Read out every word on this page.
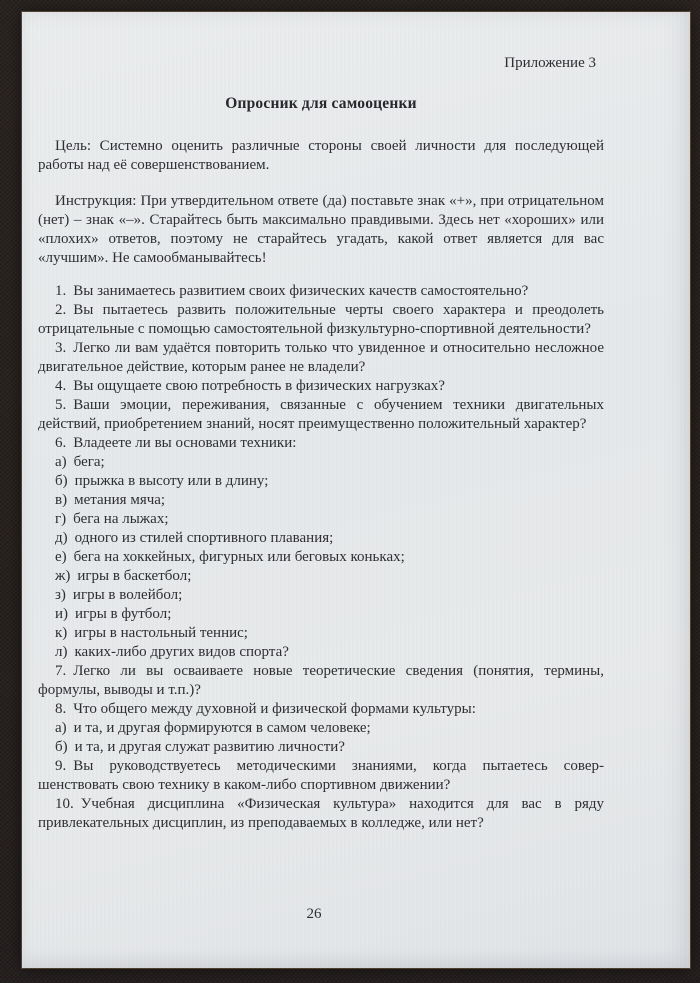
Приложение 3
Опросник для самооценки

Цель: Системно оценить различные стороны своей личности для последующей работы над её совершенствованием.

Инструкция: При утвердительном ответе (да) поставьте знак «+», при отрицательном (нет) – знак «–». Старайтесь быть максимально правдивыми. Здесь нет «хороших» или «плохих» ответов, поэтому не старайтесь угадать, какой ответ является для вас «лучшим». Не самообманывайтесь!

1. Вы занимаетесь развитием своих физических качеств самостоятельно?

2. Вы пытаетесь развить положительные черты своего характера и преодолеть отрицательные с помощью самостоятельной физкультурно-спортивной деятельности?

3. Легко ли вам удаётся повторить только что увиденное и относительно несложное двигательное действие, которым ранее не владели?

4. Вы ощущаете свою потребность в физических нагрузках?

5. Ваши эмоции, переживания, связанные с обучением техники двигательных действий, приобретением знаний, носят преимущественно положительный характер?

6. Владеете ли вы основами техники:

а) бега;

б) прыжка в высоту или в длину;

в) метания мяча;

г) бега на лыжах;

д) одного из стилей спортивного плавания;

е) бега на хоккейных, фигурных или беговых коньках;

ж) игры в баскетбол;

з) игры в волейбол;

и) игры в футбол;

к) игры в настольный теннис;

л) каких-либо других видов спорта?

7. Легко ли вы осваиваете новые теоретические сведения (понятия, термины, формулы, выводы и т.п.)?

8. Что общего между духовной и физической формами культуры:

а) и та, и другая формируются в самом человеке;

б) и та, и другая служат развитию личности?

9. Вы руководствуетесь методическими знаниями, когда пытаетесь совершенствовать свою технику в каком-либо спортивном движении?

10. Учебная дисциплина «Физическая культура» находится для вас в ряду привлекательных дисциплин, из преподаваемых в колледже, или нет?

26
